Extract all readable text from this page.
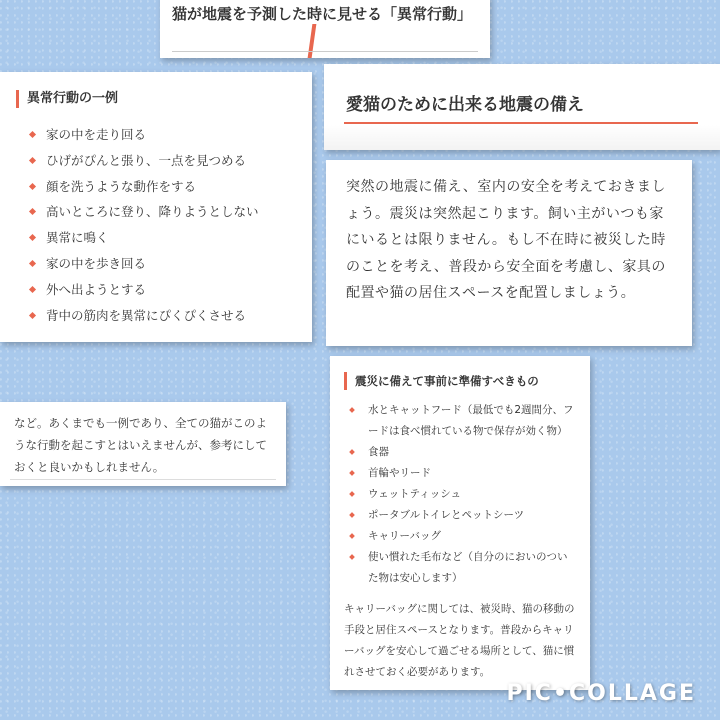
猫が地震を予測した時に見せる「異常行動」
異常行動の一例
家の中を走り回る
ひげがぴんと張り、一点を見つめる
顔を洗うような動作をする
高いところに登り、降りようとしない
異常に鳴く
家の中を歩き回る
外へ出ようとする
背中の筋肉を異常にぴくぴくさせる
愛猫のために出来る地震の備え

突然の地震に備え、室内の安全を考えておきましょう。震災は突然起こります。飼い主がいつも家にいるとは限りません。もし不在時に被災した時のことを考え、普段から安全面を考慮し、家具の配置や猫の居住スペースを配置しましょう。

など。あくまでも一例であり、全ての猫がこのような行動を起こすとはいえませんが、参考にしておくと良いかもしれません。

震災に備えて事前に準備すべきもの
水とキャットフード（最低でも2週間分、フードは食べ慣れている物で保存が効く物）
食器
首輪やリード
ウェットティッシュ
ポータブルトイレとペットシーツ
キャリーバッグ
使い慣れた毛布など（自分のにおいのついた物は安心します）

キャリーバッグに関しては、被災時、猫の移動の手段と居住スペースとなります。普段からキャリーバッグを安心して過ごせる場所として、猫に慣れさせておく必要があります。

PIC•COLLAGE
